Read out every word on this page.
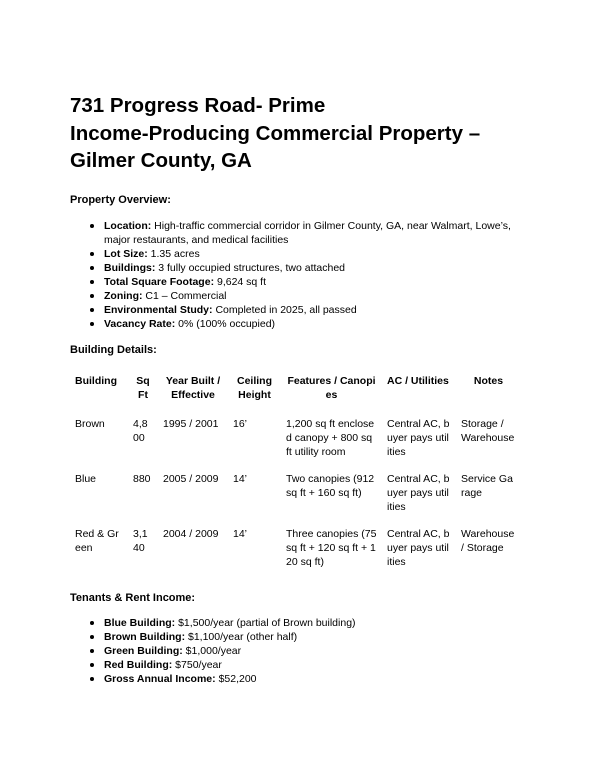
731 Progress Road- Prime
Income-Producing Commercial Property –
Gilmer County, GA

Property Overview:

Location: High-traffic commercial corridor in Gilmer County, GA, near Walmart, Lowe’s, major restaurants, and medical facilities
Lot Size: 1.35 acres
Buildings: 3 fully occupied structures, two attached
Total Square Footage: 9,624 sq ft
Zoning: C1 – Commercial
Environmental Study: Completed in 2025, all passed
Vacancy Rate: 0% (100% occupied)

Building Details:

Building	Sq Ft	Year Built / Effective	Ceiling Height	Features / Canopies	AC / Utilities	Notes
Brown	4,800	1995 / 2001	16’	1,200 sq ft enclosed canopy + 800 sq ft utility room	Central AC, buyer pays utilities	Storage / Warehouse
Blue	880	2005 / 2009	14’	Two canopies (912 sq ft + 160 sq ft)	Central AC, buyer pays utilities	Service Garage
Red & Green	3,140	2004 / 2009	14’	Three canopies (75 sq ft + 120 sq ft + 120 sq ft)	Central AC, buyer pays utilities	Warehouse / Storage

Tenants & Rent Income:

Blue Building: $1,500/year (partial of Brown building)
Brown Building: $1,100/year (other half)
Green Building: $1,000/year
Red Building: $750/year
Gross Annual Income: $52,200
